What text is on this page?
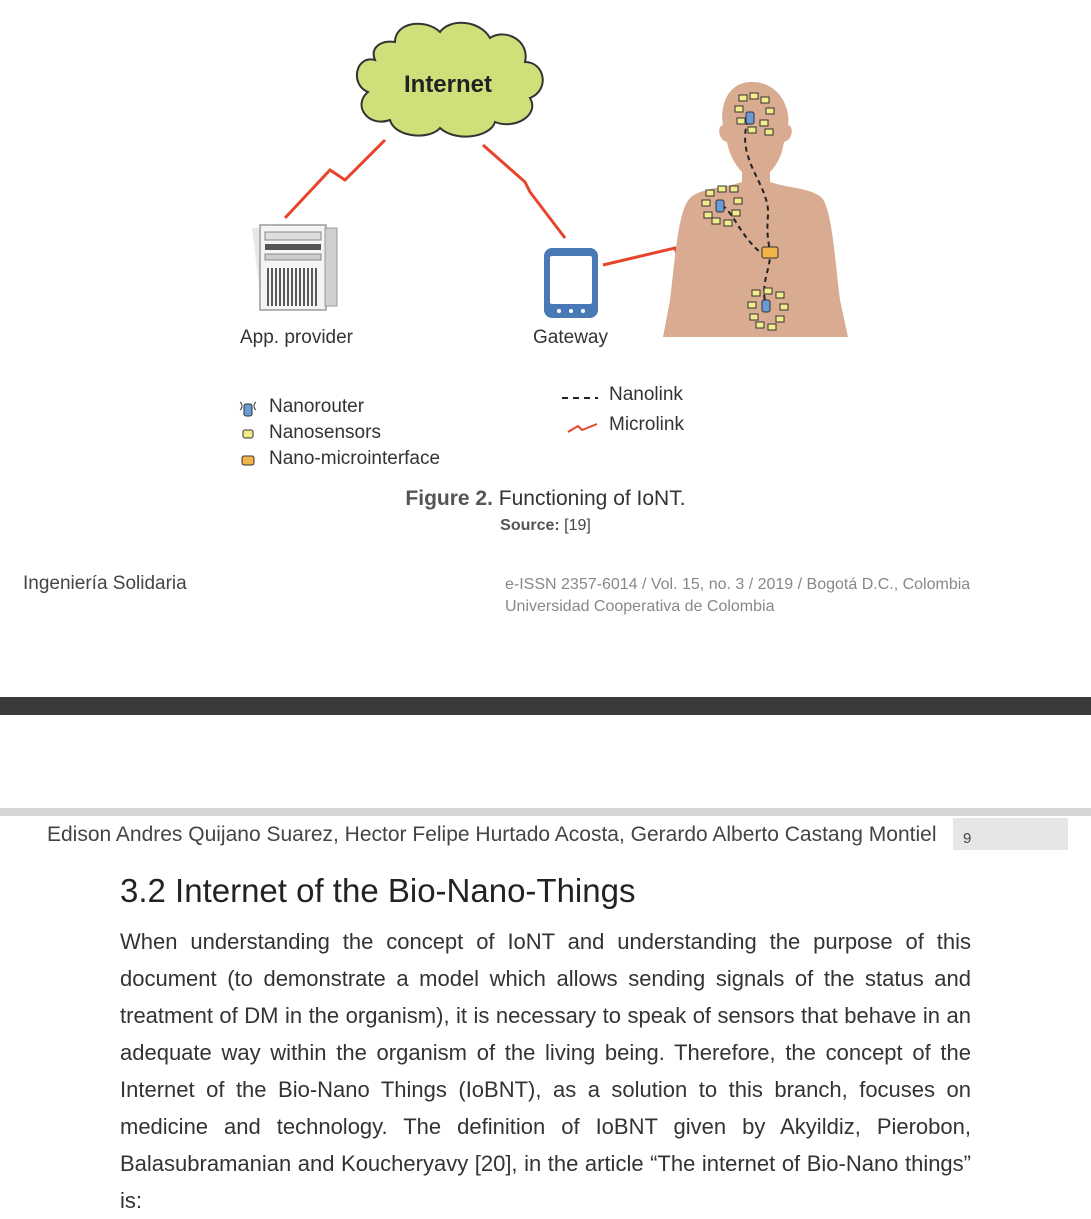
Internet
App. provider	Gateway
Nanorouter
Nanosensors
Nano-microinterface
Nanolink
Microlink
Figure 2. Functioning of IoNT.
Source: [19]
Ingeniería Solidaria	e-ISSN 2357-6014 / Vol. 15, no. 3 / 2019 / Bogotá D.C., Colombia
Universidad Cooperativa de Colombia
Edison Andres Quijano Suarez, Hector Felipe Hurtado Acosta, Gerardo Alberto Castang Montiel 9
3.2 Internet of the Bio-Nano-Things
When understanding the concept of IoNT and understanding the purpose of this document (to demonstrate a model which allows sending signals of the status and treatment of DM in the organism), it is necessary to speak of sensors that behave in an adequate way within the organism of the living being. Therefore, the concept of the Internet of the Bio-Nano Things (IoBNT), as a solution to this branch, focuses on medicine and technology. The definition of IoBNT given by Akyildiz, Pierobon, Balasubramanian and Koucheryavy [20], in the article “The internet of Bio-Nano things” is:
